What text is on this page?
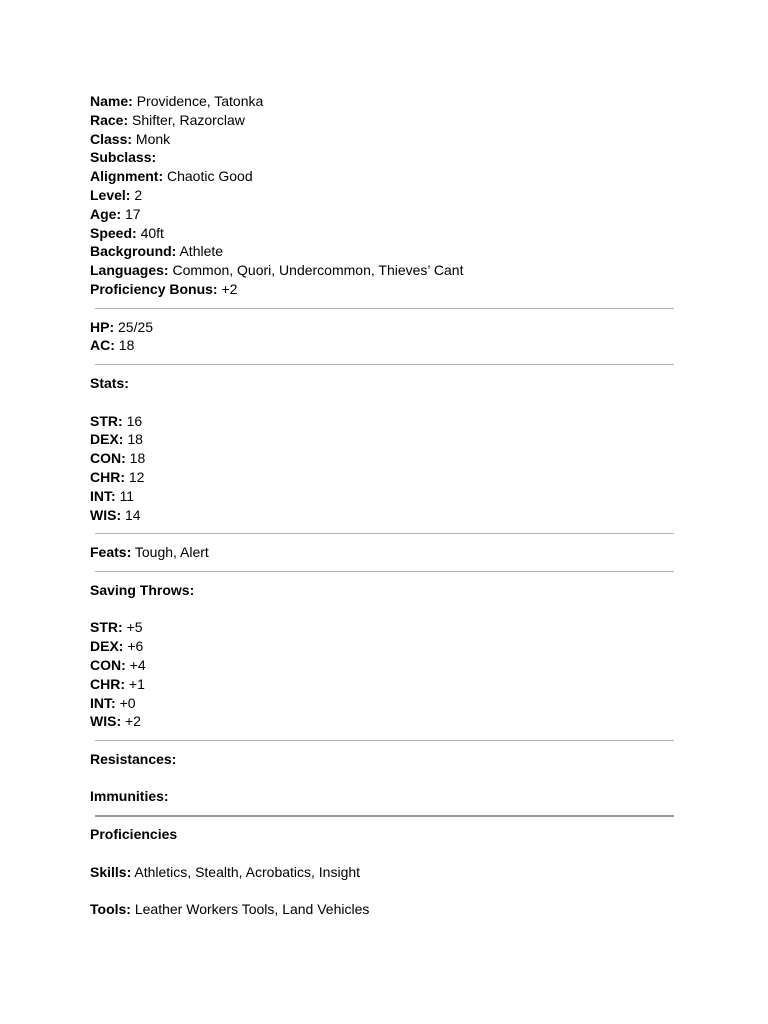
Name: Providence, Tatonka
Race: Shifter, Razorclaw
Class: Monk
Subclass:
Alignment: Chaotic Good
Level: 2
Age: 17
Speed: 40ft
Background: Athlete
Languages: Common, Quori, Undercommon, Thieves’ Cant
Proficiency Bonus: +2
HP: 25/25
AC: 18
Stats:
STR: 16
DEX: 18
CON: 18
CHR: 12
INT: 11
WIS: 14
Feats: Tough, Alert
Saving Throws:
STR: +5
DEX: +6
CON: +4
CHR: +1
INT: +0
WIS: +2
Resistances:
Immunities:
Proficiencies
Skills: Athletics, Stealth, Acrobatics, Insight
Tools: Leather Workers Tools, Land Vehicles
